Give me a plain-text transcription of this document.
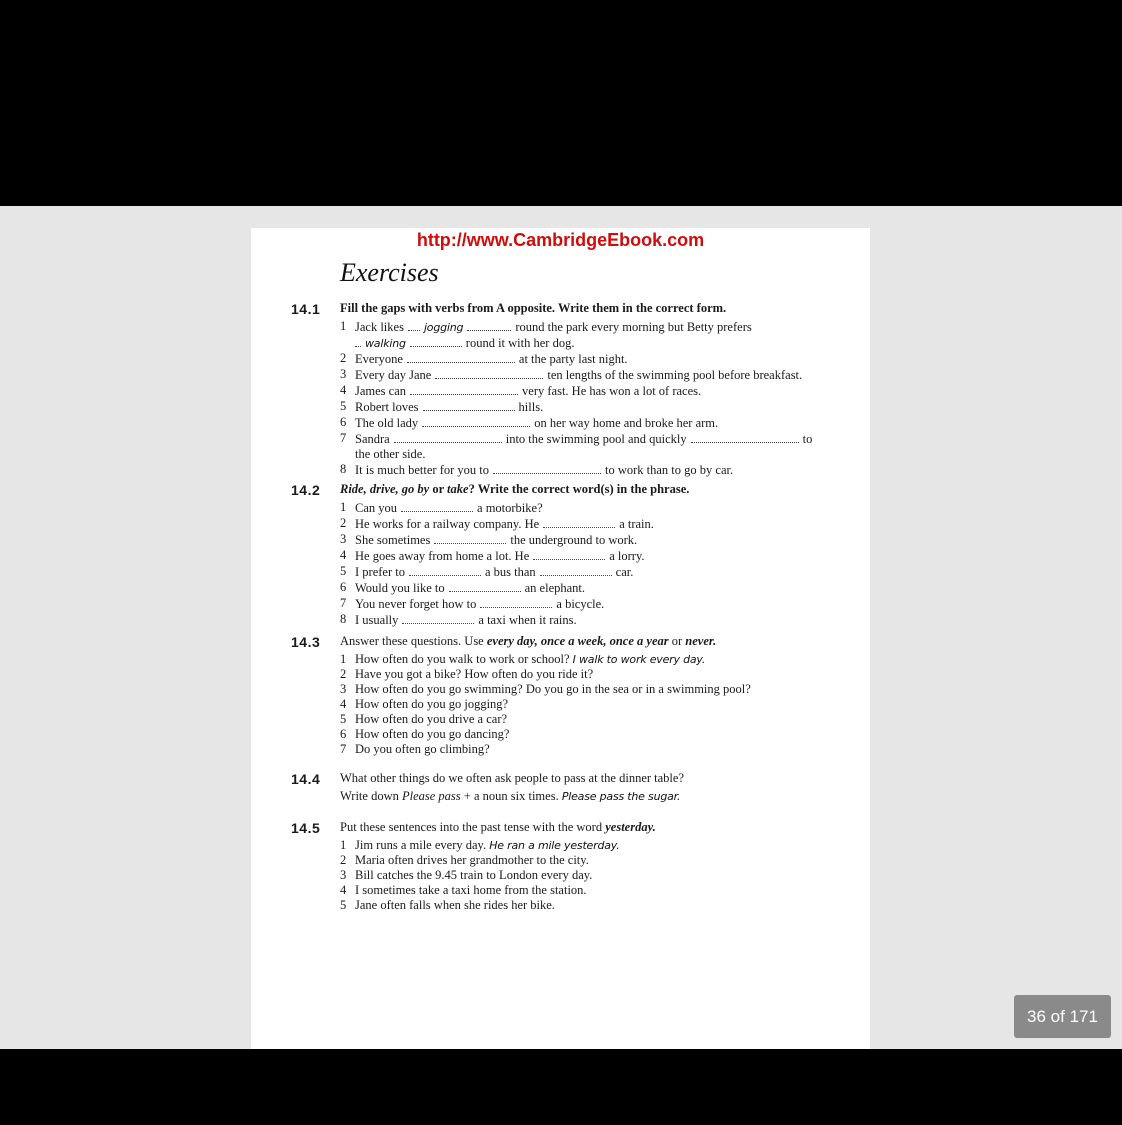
http://www.CambridgeEbook.com
Exercises
14.1 Fill the gaps with verbs from A opposite. Write them in the correct form.
1 Jack likes jogging	round the park every morning but Betty prefers
walking	round it with her dog.
2 Everyone	at the party last night.
3 Every day Jane	ten lengths of the swimming pool before breakfast.
4 James can	very fast. He has won a lot of races.
5 Robert loves	hills.
6 The old lady	on her way home and broke her arm.
7 Sandra	into the swimming pool and quickly	to
the other side.
8 It is much better for you to	to work than to go by car.
14.2 Ride, drive, go by or take? Write the correct word(s) in the phrase.
1 Can you	a motorbike?
2 He works for a railway company. He	a train.
3 She sometimes	the underground to work.
4 He goes away from home a lot. He	a lorry.
5 I prefer to	a bus than	car.
6 Would you like to	an elephant.
7 You never forget how to	a bicycle.
8 I usually	a taxi when it rains.
14.3 Answer these questions. Use every day, once a week, once a year or never.
1 How often do you walk to work or school? I walk to work every day.
2 Have you got a bike? How often do you ride it?
3 How often do you go swimming? Do you go in the sea or in a swimming pool?
4 How often do you go jogging?
5 How often do you drive a car?
6 How often do you go dancing?
7 Do you often go climbing?
14.4 What other things do we often ask people to pass at the dinner table?
Write down Please pass + a noun six times. Please pass the sugar.
14.5 Put these sentences into the past tense with the word yesterday.
1 Jim runs a mile every day. He ran a mile yesterday.
2 Maria often drives her grandmother to the city.
3 Bill catches the 9.45 train to London every day.
4 I sometimes take a taxi home from the station.
5 Jane often falls when she rides her bike.
36 of 171
